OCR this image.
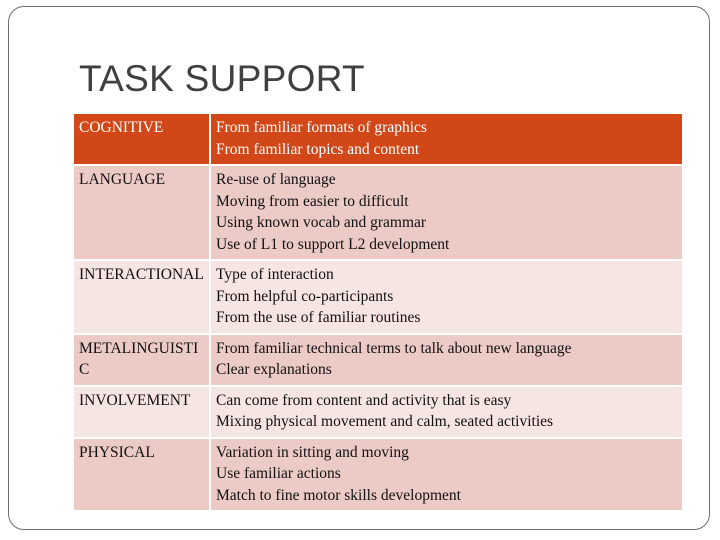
TASK SUPPORT
COGNITIVE	From familiar formats of graphics
From familiar topics and content

LANGUAGE	Re-use of language
Moving from easier to difficult
Using known vocab and grammar
Use of L1 to support L2 development

INTERACTIONAL	Type of interaction
From helpful co-participants
From the use of familiar routines

METALINGUISTIC	From familiar technical terms to talk about new language
Clear explanations

INVOLVEMENT	Can come from content and activity that is easy
Mixing physical movement and calm, seated activities

PHYSICAL	Variation in sitting and moving
Use familiar actions
Match to fine motor skills development
